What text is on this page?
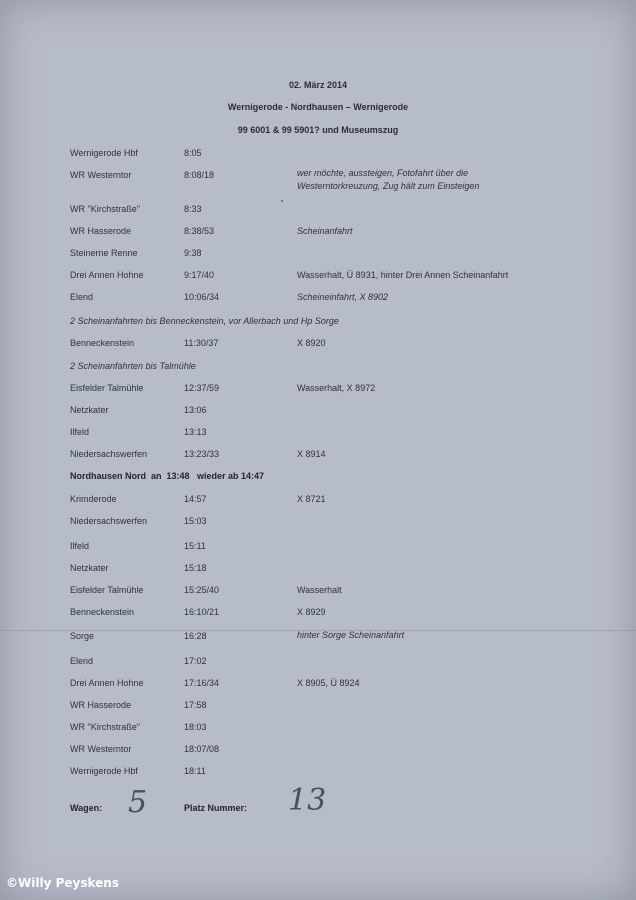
02. März 2014
Wernigerode - Nordhausen – Wernigerode
99 6001 & 99 5901? und Museumszug
Wernigerode Hbf	8:05
WR Westerntor	8:08/18	wer möchte, aussteigen, Fotofahrt über die
Westerntorkreuzung, Zug hält zum Einsteigen
WR "Kirchstraße"	8:33
WR Hasserode	8:38/53	Scheinanfahrt
Steinerne Renne	9:38
Drei Annen Hohne	9:17/40	Wasserhalt, Ü 8931, hinter Drei Annen Scheinanfahrt
Elend	10:06/34	Scheineinfahrt, X 8902
2 Scheinanfahrten bis Benneckenstein, vor Allerbach und Hp Sorge
Benneckenstein	11:30/37	X 8920
2 Scheinanfahrten bis Talmühle
Eisfelder Talmühle	12:37/59	Wasserhalt, X 8972
Netzkater	13:06
Ilfeld	13:13
Niedersachswerfen	13:23/33	X 8914
Nordhausen Nord  an  13:48   wieder ab 14:47
Krimderode	14:57	X 8721
Niedersachswerfen	15:03
Ilfeld	15:11
Netzkater	15:18
Eisfelder Talmühle	15:25/40	Wasserhalt
Benneckenstein	16:10/21	X 8929
Sorge	16:28	hinter Sorge Scheinanfahrt
Elend	17:02
Drei Annen Hohne	17:16/34	X 8905, Ü 8924
WR Hasserode	17:58
WR "Kirchstraße"	18:03
WR Westerntor	18:07/08
Wernigerode Hbf	18:11
Wagen: 5	Platz Nummer: 13
©Willy Peyskens
